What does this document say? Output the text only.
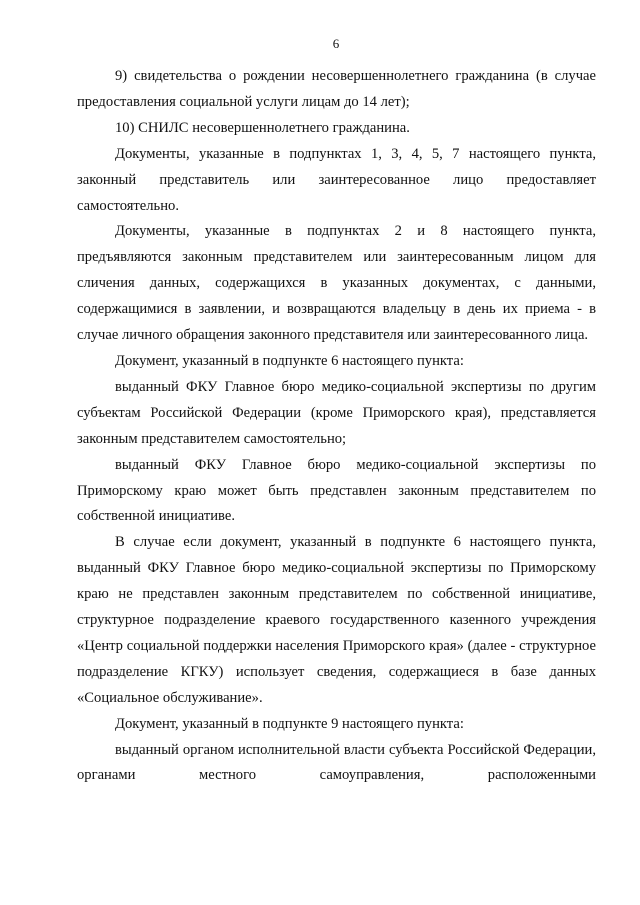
6

9) свидетельства о рождении несовершеннолетнего гражданина (в случае предоставления социальной услуги лицам до 14 лет);

10) СНИЛС несовершеннолетнего гражданина.

Документы, указанные в подпунктах 1, 3, 4, 5, 7 настоящего пункта, законный представитель или заинтересованное лицо предоставляет самостоятельно.

Документы, указанные в подпунктах 2 и 8 настоящего пункта, предъявляются законным представителем или заинтересованным лицом для сличения данных, содержащихся в указанных документах, с данными, содержащимися в заявлении, и возвращаются владельцу в день их приема - в случае личного обращения законного представителя или заинтересованного лица.

Документ, указанный в подпункте 6 настоящего пункта:

выданный ФКУ Главное бюро медико-социальной экспертизы по другим субъектам Российской Федерации (кроме Приморского края), представляется законным представителем самостоятельно;

выданный ФКУ Главное бюро медико-социальной экспертизы по Приморскому краю может быть представлен законным представителем по собственной инициативе.

В случае если документ, указанный в подпункте 6 настоящего пункта, выданный ФКУ Главное бюро медико-социальной экспертизы по Приморскому краю не представлен законным представителем по собственной инициативе, структурное подразделение краевого государственного казенного учреждения «Центр социальной поддержки населения Приморского края» (далее - структурное подразделение КГКУ) использует сведения, содержащиеся в базе данных «Социальное обслуживание».

Документ, указанный в подпункте 9 настоящего пункта:

выданный органом исполнительной власти субъекта Российской Федерации, органами местного самоуправления, расположенными
